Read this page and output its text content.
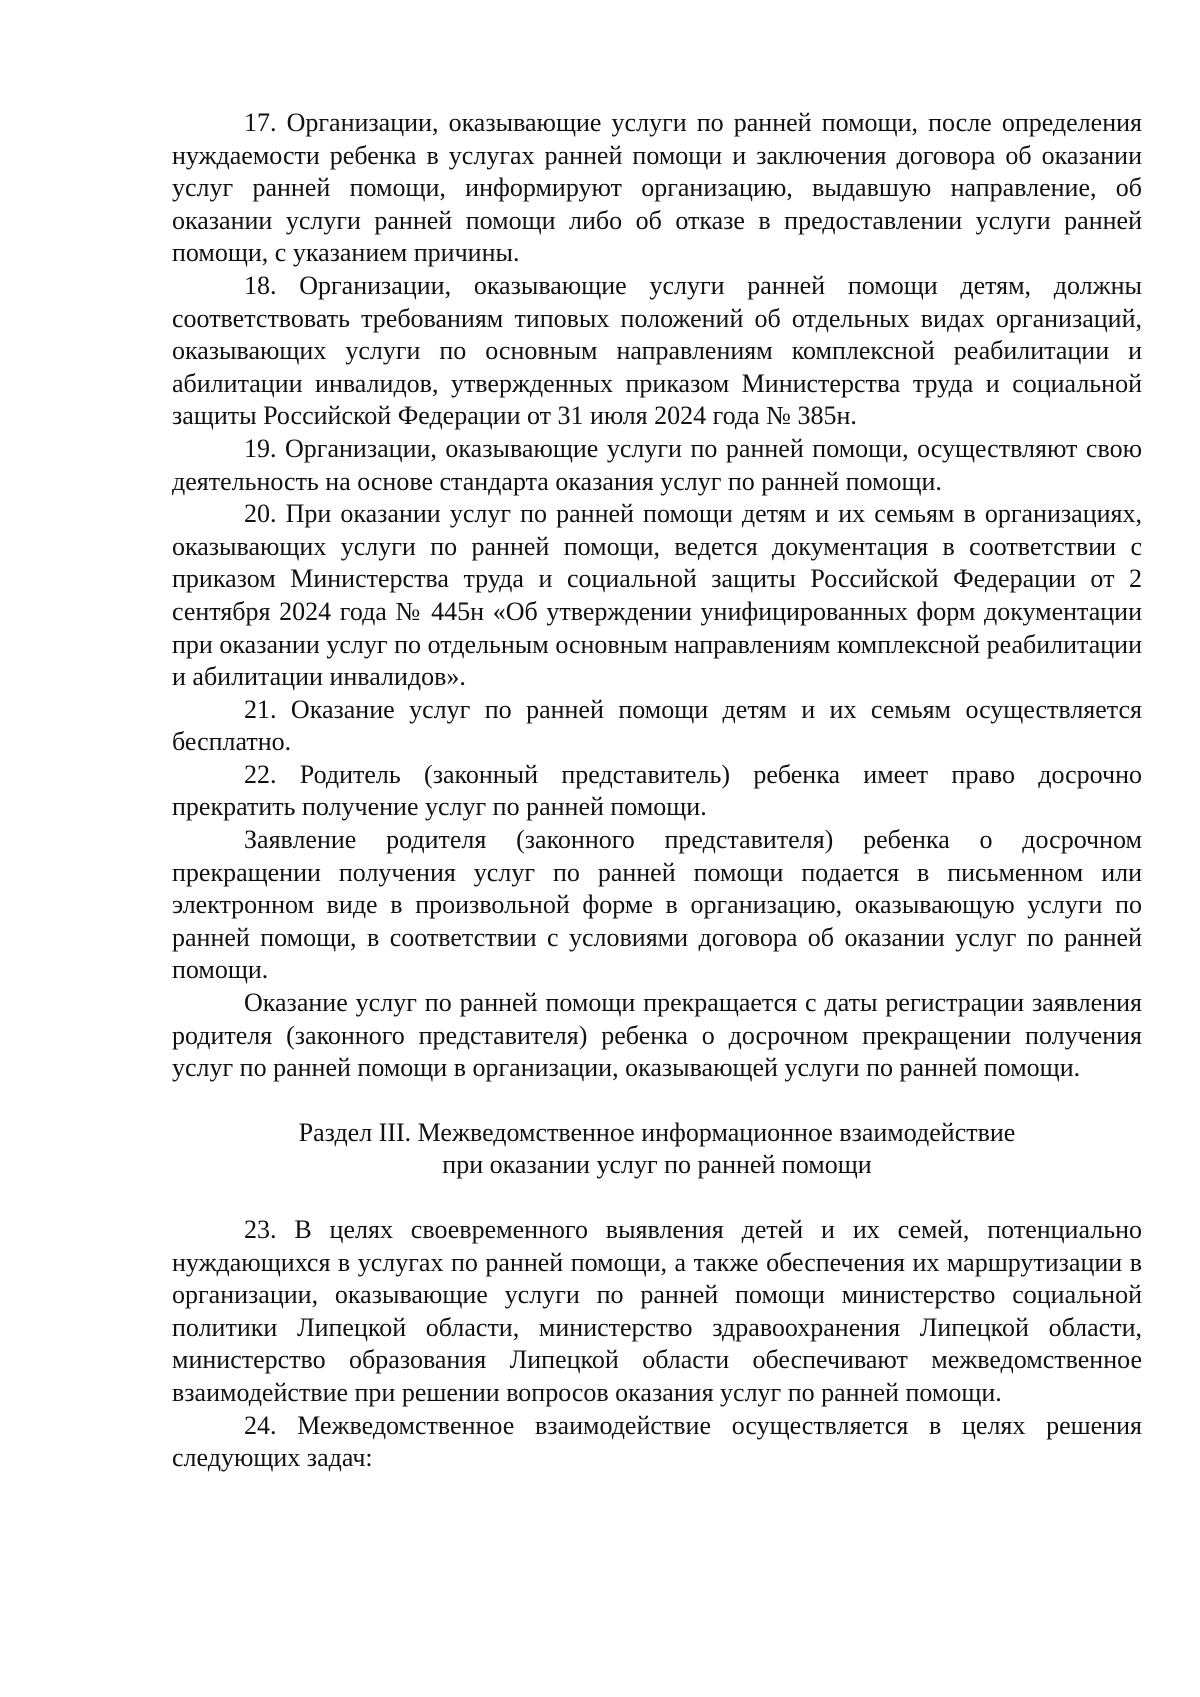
17. Организации, оказывающие услуги по ранней помощи, после определения нуждаемости ребенка в услугах ранней помощи и заключения договора об оказании услуг ранней помощи, информируют организацию, выдавшую направление, об оказании услуги ранней помощи либо об отказе в предоставлении услуги ранней помощи, с указанием причины.

18. Организации, оказывающие услуги ранней помощи детям, должны соответствовать требованиям типовых положений об отдельных видах организаций, оказывающих услуги по основным направлениям комплексной реабилитации и абилитации инвалидов, утвержденных приказом Министерства труда и социальной защиты Российской Федерации от 31 июля 2024 года № 385н.

19. Организации, оказывающие услуги по ранней помощи, осуществляют свою деятельность на основе стандарта оказания услуг по ранней помощи.

20. При оказании услуг по ранней помощи детям и их семьям в организациях, оказывающих услуги по ранней помощи, ведется документация в соответствии с приказом Министерства труда и социальной защиты Российской Федерации от 2 сентября 2024 года № 445н «Об утверждении унифицированных форм документации при оказании услуг по отдельным основным направлениям комплексной реабилитации и абилитации инвалидов».

21. Оказание услуг по ранней помощи детям и их семьям осуществляется бесплатно.

22. Родитель (законный представитель) ребенка имеет право досрочно прекратить получение услуг по ранней помощи.

Заявление родителя (законного представителя) ребенка о досрочном прекращении получения услуг по ранней помощи подается в письменном или электронном виде в произвольной форме в организацию, оказывающую услуги по ранней помощи, в соответствии с условиями договора об оказании услуг по ранней помощи.

Оказание услуг по ранней помощи прекращается с даты регистрации заявления родителя (законного представителя) ребенка о досрочном прекращении получения услуг по ранней помощи в организации, оказывающей услуги по ранней помощи.

Раздел III. Межведомственное информационное взаимодействие
при оказании услуг по ранней помощи

23. В целях своевременного выявления детей и их семей, потенциально нуждающихся в услугах по ранней помощи, а также обеспечения их маршрутизации в организации, оказывающие услуги по ранней помощи министерство социальной политики Липецкой области, министерство здравоохранения Липецкой области, министерство образования Липецкой области обеспечивают межведомственное взаимодействие при решении вопросов оказания услуг по ранней помощи.

24. Межведомственное взаимодействие осуществляется в целях решения следующих задач:
